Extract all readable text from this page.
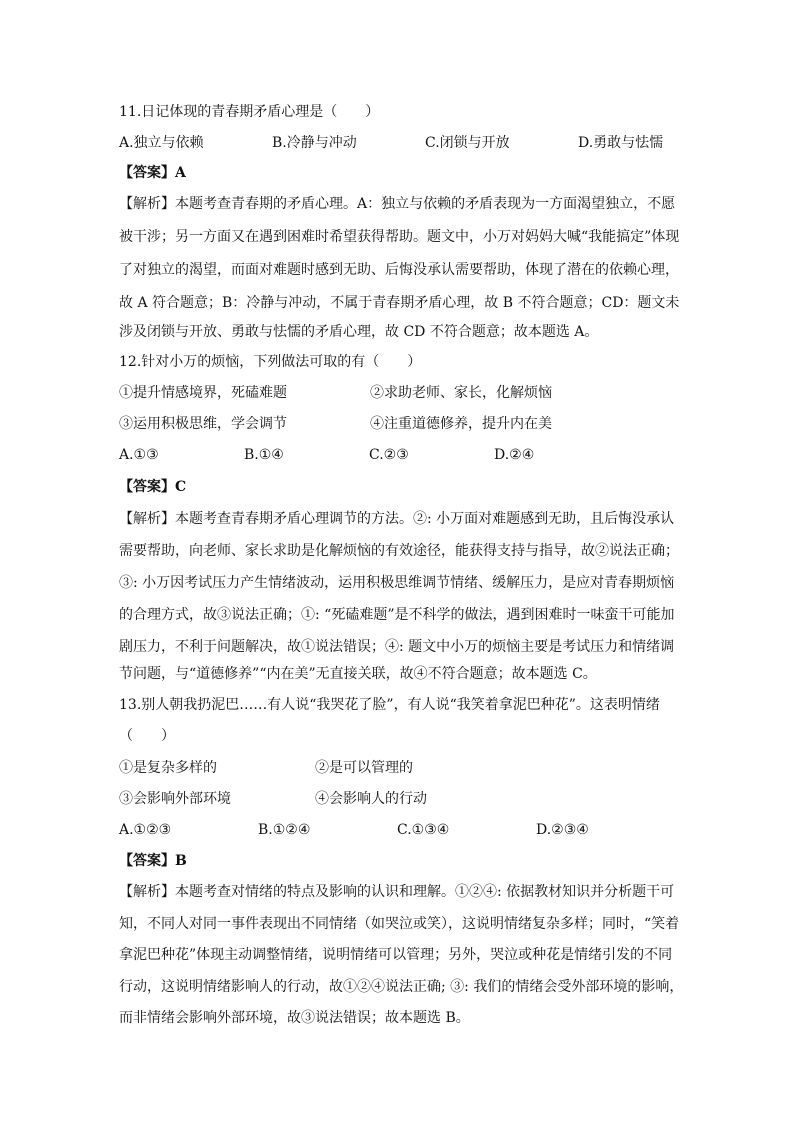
11.日记体现的青春期矛盾心理是（　　）
A.独立与依赖	B.冷静与冲动	C.闭锁与开放	D.勇敢与怯懦
【答案】A
【解析】本题考查青春期的矛盾心理。A：独立与依赖的矛盾表现为一方面渴望独立，不愿
被干涉；另一方面又在遇到困难时希望获得帮助。题文中，小万对妈妈大喊“我能搞定”体现
了对独立的渴望，而面对难题时感到无助、后悔没承认需要帮助，体现了潜在的依赖心理，
故 A 符合题意；B：冷静与冲动，不属于青春期矛盾心理，故 B 不符合题意；CD：题文未
涉及闭锁与开放、勇敢与怯懦的矛盾心理，故 CD 不符合题意；故本题选 A。
12.针对小万的烦恼，下列做法可取的有（　　）
①提升情感境界，死磕难题	②求助老师、家长，化解烦恼
③运用积极思维，学会调节	④注重道德修养，提升内在美
A.①③	B.①④	C.②③	D.②④
【答案】C
【解析】本题考查青春期矛盾心理调节的方法。②: 小万面对难题感到无助，且后悔没承认
需要帮助，向老师、家长求助是化解烦恼的有效途径，能获得支持与指导，故②说法正确；
③: 小万因考试压力产生情绪波动，运用积极思维调节情绪、缓解压力，是应对青春期烦恼
的合理方式，故③说法正确；①: “死磕难题”是不科学的做法，遇到困难时一味蛮干可能加
剧压力，不利于问题解决，故①说法错误；④: 题文中小万的烦恼主要是考试压力和情绪调
节问题，与“道德修养”“内在美”无直接关联，故④不符合题意；故本题选 C。
13.别人朝我扔泥巴……有人说“我哭花了脸”，有人说“我笑着拿泥巴种花”。这表明情绪
（　　）
①是复杂多样的	②是可以管理的
③会影响外部环境	④会影响人的行动
A.①②③	B.①②④	C.①③④	D.②③④
【答案】B
【解析】本题考查对情绪的特点及影响的认识和理解。①②④: 依据教材知识并分析题干可
知，不同人对同一事件表现出不同情绪（如哭泣或笑），这说明情绪复杂多样；同时，“笑着
拿泥巴种花”体现主动调整情绪，说明情绪可以管理；另外，哭泣或种花是情绪引发的不同
行动，这说明情绪影响人的行动，故①②④说法正确; ③: 我们的情绪会受外部环境的影响，
而非情绪会影响外部环境，故③说法错误；故本题选 B。
